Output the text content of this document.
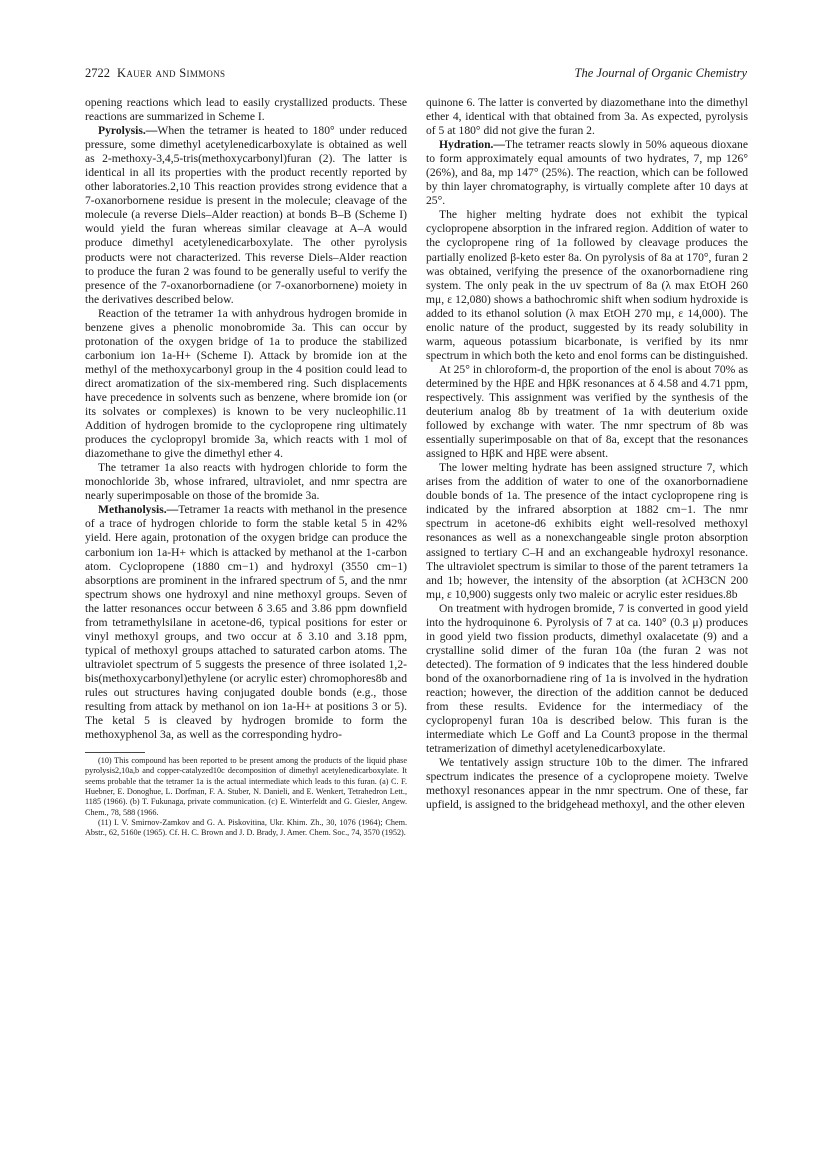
2722 Kauer and Simmons	The Journal of Organic Chemistry

opening reactions which lead to easily crystallized products. These reactions are summarized in Scheme I.

Pyrolysis.—When the tetramer is heated to 180° under reduced pressure, some dimethyl acetylenedicarboxylate is obtained as well as 2-methoxy-3,4,5-tris(methoxycarbonyl)furan (2). The latter is identical in all its properties with the product recently reported by other laboratories.2,10 This reaction provides strong evidence that a 7-oxanorbornene residue is present in the molecule; cleavage of the molecule (a reverse Diels–Alder reaction) at bonds B–B (Scheme I) would yield the furan whereas similar cleavage at A–A would produce dimethyl acetylenedicarboxylate. The other pyrolysis products were not characterized. This reverse Diels–Alder reaction to produce the furan 2 was found to be generally useful to verify the presence of the 7-oxanorbornadiene (or 7-oxanorbornene) moiety in the derivatives described below.

Reaction of the tetramer 1a with anhydrous hydrogen bromide in benzene gives a phenolic monobromide 3a. This can occur by protonation of the oxygen bridge of 1a to produce the stabilized carbonium ion 1a-H+ (Scheme I). Attack by bromide ion at the methyl of the methoxycarbonyl group in the 4 position could lead to direct aromatization of the six-membered ring. Such displacements have precedence in solvents such as benzene, where bromide ion (or its solvates or complexes) is known to be very nucleophilic.11 Addition of hydrogen bromide to the cyclopropene ring ultimately produces the cyclopropyl bromide 3a, which reacts with 1 mol of diazomethane to give the dimethyl ether 4.

The tetramer 1a also reacts with hydrogen chloride to form the monochloride 3b, whose infrared, ultraviolet, and nmr spectra are nearly superimposable on those of the bromide 3a.

Methanolysis.—Tetramer 1a reacts with methanol in the presence of a trace of hydrogen chloride to form the stable ketal 5 in 42% yield. Here again, protonation of the oxygen bridge can produce the carbonium ion 1a-H+ which is attacked by methanol at the 1-carbon atom. Cyclopropene (1880 cm−1) and hydroxyl (3550 cm−1) absorptions are prominent in the infrared spectrum of 5, and the nmr spectrum shows one hydroxyl and nine methoxyl groups. Seven of the latter resonances occur between δ 3.65 and 3.86 ppm downfield from tetramethylsilane in acetone-d6, typical positions for ester or vinyl methoxyl groups, and two occur at δ 3.10 and 3.18 ppm, typical of methoxyl groups attached to saturated carbon atoms. The ultraviolet spectrum of 5 suggests the presence of three isolated 1,2-bis(methoxycarbonyl)ethylene (or acrylic ester) chromophores8b and rules out structures having conjugated double bonds (e.g., those resulting from attack by methanol on ion 1a-H+ at positions 3 or 5). The ketal 5 is cleaved by hydrogen bromide to form the methoxyphenol 3a, as well as the corresponding hydro-

(10) This compound has been reported to be present among the products of the liquid phase pyrolysis2,10a,b and copper-catalyzed10c decomposition of dimethyl acetylenedicarboxylate. It seems probable that the tetramer 1a is the actual intermediate which leads to this furan. (a) C. F. Huebner, E. Donoghue, L. Dorfman, F. A. Stuber, N. Danieli, and E. Wenkert, Tetrahedron Lett., 1185 (1966). (b) T. Fukunaga, private communication. (c) E. Winterfeldt and G. Giesler, Angew. Chem., 78, 588 (1966.

(11) I. V. Smirnov-Zamkov and G. A. Piskovitina, Ukr. Khim. Zh., 30, 1076 (1964); Chem. Abstr., 62, 5160e (1965). Cf. H. C. Brown and J. D. Brady, J. Amer. Chem. Soc., 74, 3570 (1952).

quinone 6. The latter is converted by diazomethane into the dimethyl ether 4, identical with that obtained from 3a. As expected, pyrolysis of 5 at 180° did not give the furan 2.

Hydration.—The tetramer reacts slowly in 50% aqueous dioxane to form approximately equal amounts of two hydrates, 7, mp 126° (26%), and 8a, mp 147° (25%). The reaction, which can be followed by thin layer chromatography, is virtually complete after 10 days at 25°.

The higher melting hydrate does not exhibit the typical cyclopropene absorption in the infrared region. Addition of water to the cyclopropene ring of 1a followed by cleavage produces the partially enolized β-keto ester 8a. On pyrolysis of 8a at 170°, furan 2 was obtained, verifying the presence of the oxanorbornadiene ring system. The only peak in the uv spectrum of 8a (λ max EtOH 260 mμ, ε 12,080) shows a bathochromic shift when sodium hydroxide is added to its ethanol solution (λ max EtOH 270 mμ, ε 14,000). The enolic nature of the product, suggested by its ready solubility in warm, aqueous potassium bicarbonate, is verified by its nmr spectrum in which both the keto and enol forms can be distinguished.

At 25° in chloroform-d, the proportion of the enol is about 70% as determined by the HβE and HβK resonances at δ 4.58 and 4.71 ppm, respectively. This assignment was verified by the synthesis of the deuterium analog 8b by treatment of 1a with deuterium oxide followed by exchange with water. The nmr spectrum of 8b was essentially superimposable on that of 8a, except that the resonances assigned to HβK and HβE were absent.

The lower melting hydrate has been assigned structure 7, which arises from the addition of water to one of the oxanorbornadiene double bonds of 1a. The presence of the intact cyclopropene ring is indicated by the infrared absorption at 1882 cm−1. The nmr spectrum in acetone-d6 exhibits eight well-resolved methoxyl resonances as well as a nonexchangeable single proton absorption assigned to tertiary C–H and an exchangeable hydroxyl resonance. The ultraviolet spectrum is similar to those of the parent tetramers 1a and 1b; however, the intensity of the absorption (at λCH3CN 200 mμ, ε 10,900) suggests only two maleic or acrylic ester residues.8b

On treatment with hydrogen bromide, 7 is converted in good yield into the hydroquinone 6. Pyrolysis of 7 at ca. 140° (0.3 μ) produces in good yield two fission products, dimethyl oxalacetate (9) and a crystalline solid dimer of the furan 10a (the furan 2 was not detected). The formation of 9 indicates that the less hindered double bond of the oxanorbornadiene ring of 1a is involved in the hydration reaction; however, the direction of the addition cannot be deduced from these results. Evidence for the intermediacy of the cyclopropenyl furan 10a is described below. This furan is the intermediate which Le Goff and La Count3 propose in the thermal tetramerization of dimethyl acetylenedicarboxylate.

We tentatively assign structure 10b to the dimer. The infrared spectrum indicates the presence of a cyclopropene moiety. Twelve methoxyl resonances appear in the nmr spectrum. One of these, far upfield, is assigned to the bridgehead methoxyl, and the other eleven
